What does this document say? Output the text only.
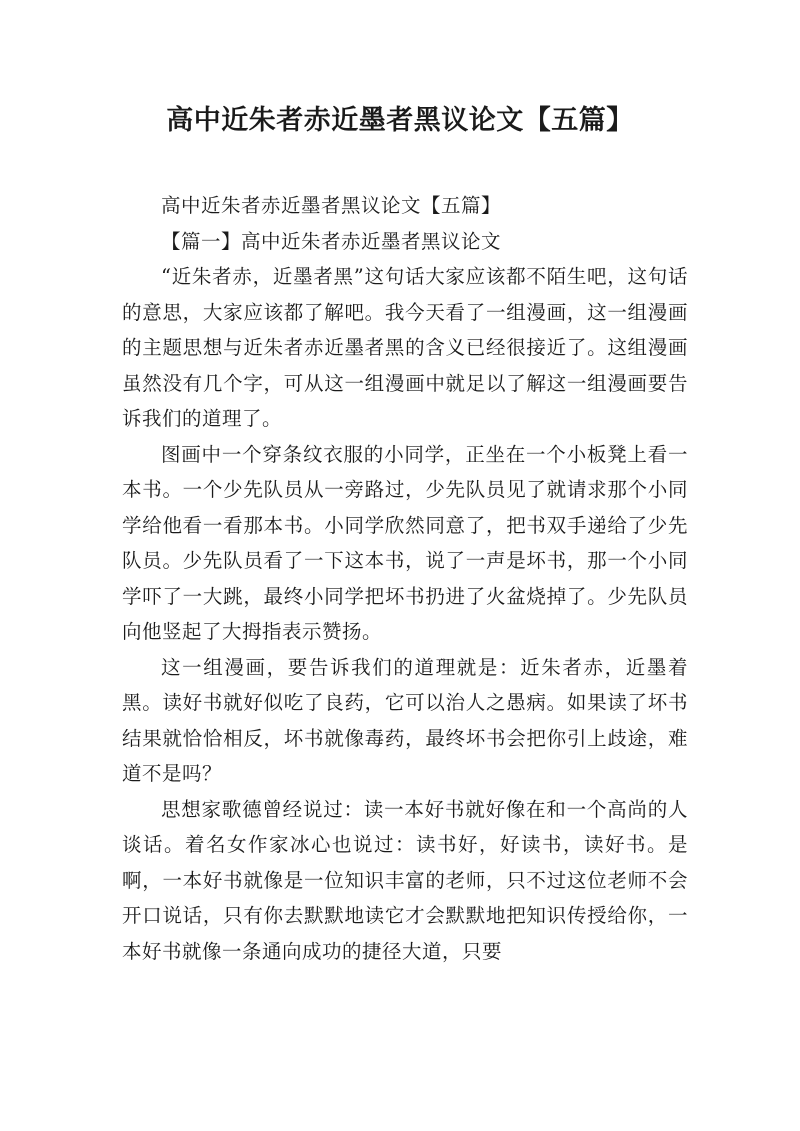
高中近朱者赤近墨者黑议论文【五篇】

高中近朱者赤近墨者黑议论文【五篇】

【篇一】高中近朱者赤近墨者黑议论文

“近朱者赤，近墨者黑”这句话大家应该都不陌生吧，这句话的意思，大家应该都了解吧。我今天看了一组漫画，这一组漫画的主题思想与近朱者赤近墨者黑的含义已经很接近了。这组漫画虽然没有几个字，可从这一组漫画中就足以了解这一组漫画要告诉我们的道理了。

图画中一个穿条纹衣服的小同学，正坐在一个小板凳上看一本书。一个少先队员从一旁路过，少先队员见了就请求那个小同学给他看一看那本书。小同学欣然同意了，把书双手递给了少先队员。少先队员看了一下这本书，说了一声是坏书，那一个小同学吓了一大跳，最终小同学把坏书扔进了火盆烧掉了。少先队员向他竖起了大拇指表示赞扬。

这一组漫画，要告诉我们的道理就是：近朱者赤，近墨着黑。读好书就好似吃了良药，它可以治人之愚病。如果读了坏书结果就恰恰相反，坏书就像毒药，最终坏书会把你引上歧途，难道不是吗？

思想家歌德曾经说过：读一本好书就好像在和一个高尚的人谈话。着名女作家冰心也说过：读书好，好读书，读好书。是啊，一本好书就像是一位知识丰富的老师，只不过这位老师不会开口说话，只有你去默默地读它才会默默地把知识传授给你，一本好书就像一条通向成功的捷径大道，只要
